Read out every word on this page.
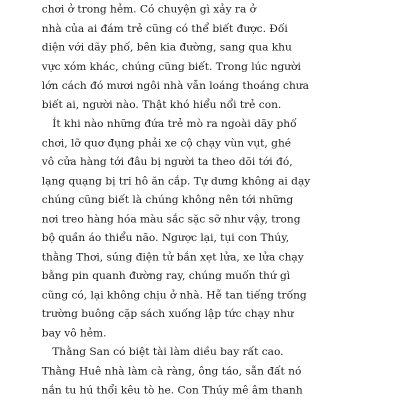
chơi ở trong hẻm. Có chuyện gì xảy ra ở
nhà của ai đám trẻ cũng có thể biết được. Đối
diện với dãy phố, bên kia đường, sang qua khu
vực xóm khác, chúng cũng biết. Trong lúc người
lớn cách đó mươi ngôi nhà vẫn loáng thoáng chưa
biết ai, người nào. Thật khó hiểu nổi trẻ con.
Ít khi nào những đứa trẻ mò ra ngoài dãy phố
chơi, lỡ quơ đụng phải xe cộ chạy vùn vụt, ghé
vô cửa hàng tới đâu bị người ta theo dõi tới đó,
lạng quạng bị tri hô ăn cắp. Tự dưng không ai dạy
chúng cũng biết là chúng không nên tới những
nơi treo hàng hóa màu sắc sặc sỡ như vậy, trong
bộ quần áo thiểu não. Ngược lại, tụi con Thúy,
thằng Thơi, súng điện tử bắn xẹt lửa, xe lửa chạy
bằng pin quanh đường ray, chúng muốn thứ gì
cũng có, lại không chịu ở nhà. Hễ tan tiếng trống
trường buông cặp sách xuống lập tức chạy như
bay vô hẻm.
Thằng San có biệt tài làm diều bay rất cao.
Thằng Huê nhà làm cà ràng, ông táo, sẵn đất nó
nắn tu hú thổi kêu tò he. Con Thúy mê âm thanh
